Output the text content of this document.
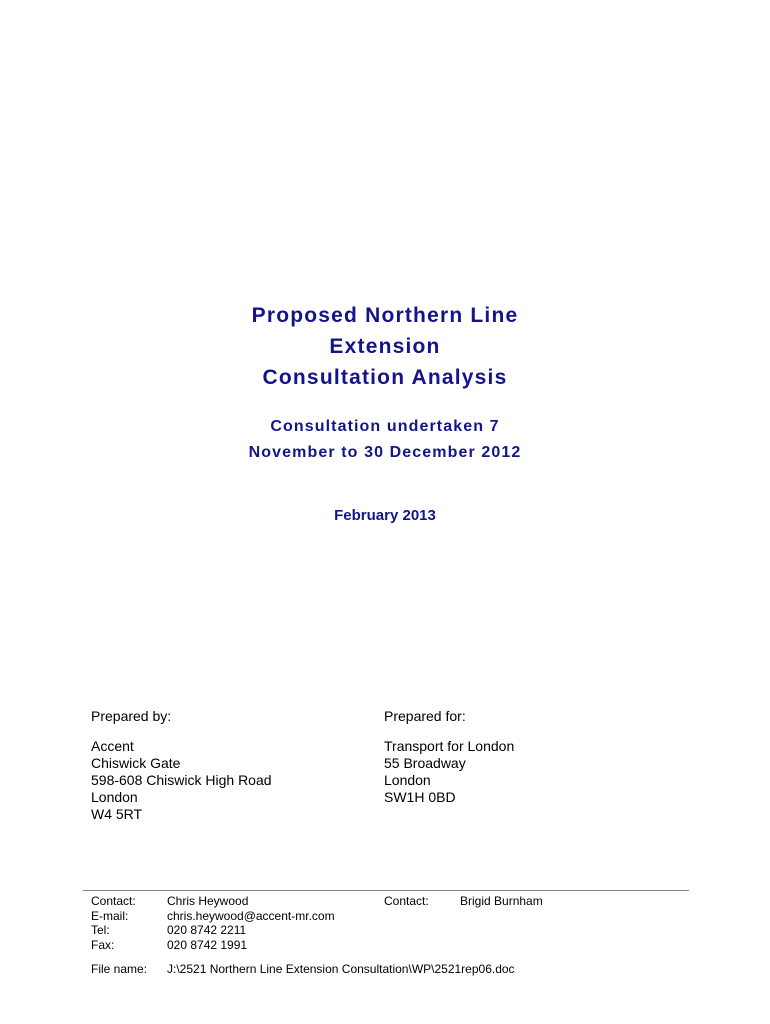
Proposed Northern Line
Extension
Consultation Analysis
Consultation undertaken 7
November to 30 December 2012
February 2013
Prepared by:
Accent
Chiswick Gate
598-608 Chiswick High Road
London
W4 5RT
Prepared for:
Transport for London
55 Broadway
London
SW1H 0BD
Contact:	Chris Heywood
E-mail:	chris.heywood@accent-mr.com
Tel:	020 8742 2211
Fax:	020 8742 1991
Contact:	Brigid Burnham
File name:	J:\2521 Northern Line Extension Consultation\WP\2521rep06.doc
